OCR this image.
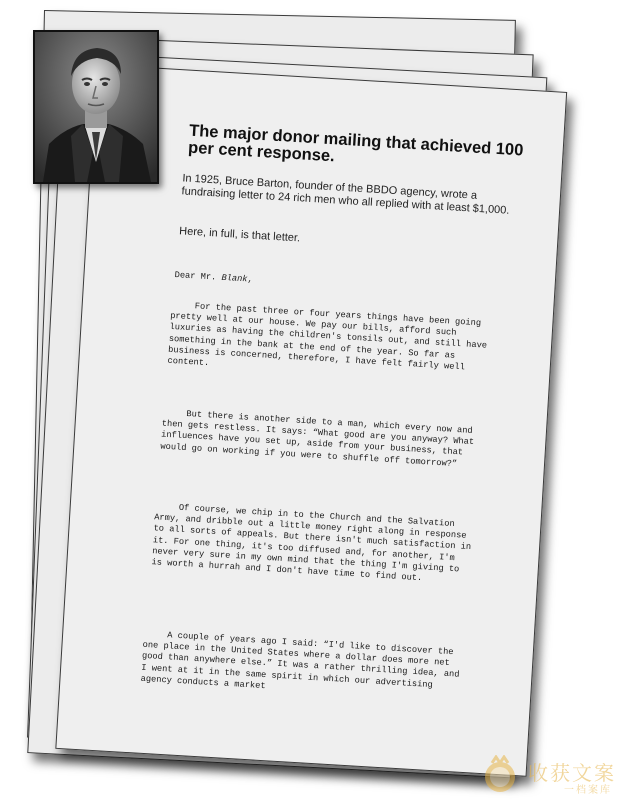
The major donor mailing that achieved 100 per cent response.

In 1925, Bruce Barton, founder of the BBDO agency, wrote a fundraising letter to 24 rich men who all replied with at least $1,000.

Here, in full, is that letter.

Dear Mr. Blank,

For the past three or four years things have been going pretty well at our house. We pay our bills, afford such luxuries as having the children's tonsils out, and still have something in the bank at the end of the year. So far as business is concerned, therefore, I have felt fairly well content.

But there is another side to a man, which every now and then gets restless. It says: “What good are you anyway? What influences have you set up, aside from your business, that would go on working if you were to shuffle off tomorrow?”

Of course, we chip in to the Church and the Salvation Army, and dribble out a little money right along in response to all sorts of appeals. But there isn't much satisfaction in it. For one thing, it's too diffused and, for another, I'm never very sure in my own mind that the thing I'm giving to is worth a hurrah and I don't have time to find out.

A couple of years ago I said: “I'd like to discover the one place in the United States where a dollar does more net good than anywhere else.” It was a rather thrilling idea, and I went at it in the same spirit in which our advertising agency conducts a market

收获文案
一档案库
